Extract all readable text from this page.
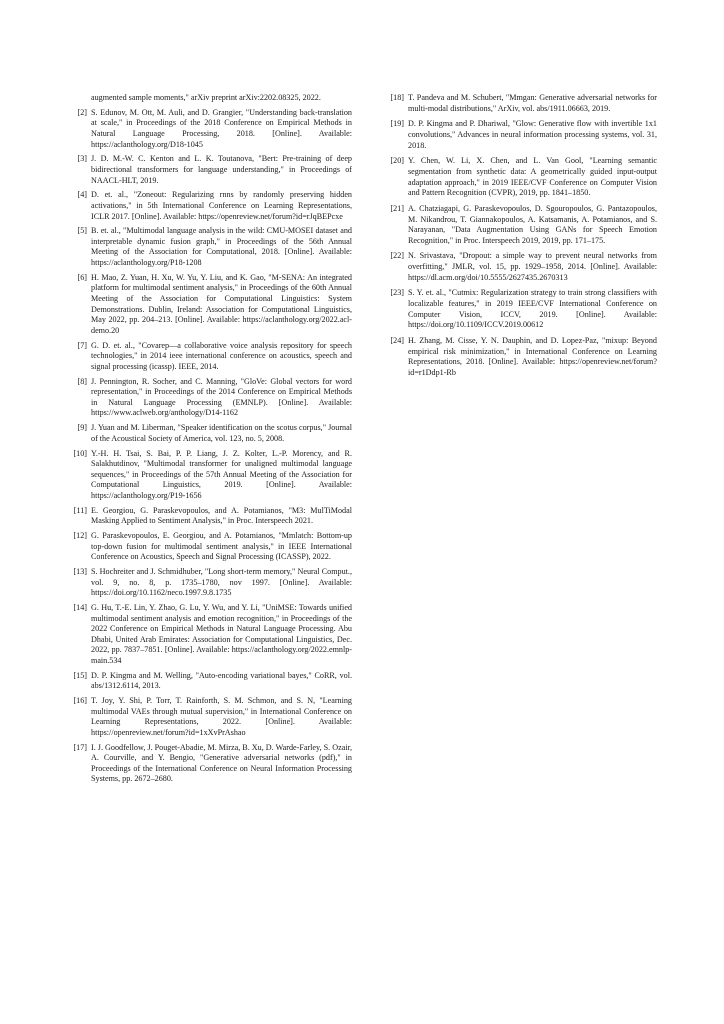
augmented sample moments," arXiv preprint arXiv:2202.08325, 2022.
[2] S. Edunov, M. Ott, M. Auli, and D. Grangier, "Understanding back-translation at scale," in Proceedings of the 2018 Conference on Empirical Methods in Natural Language Processing, 2018. [Online]. Available: https://aclanthology.org/D18-1045
[3] J. D. M.-W. C. Kenton and L. K. Toutanova, "Bert: Pre-training of deep bidirectional transformers for language understanding," in Proceedings of NAACL-HLT, 2019.
[4] D. et. al., "Zoneout: Regularizing rnns by randomly preserving hidden activations," in 5th International Conference on Learning Representations, ICLR 2017. [Online]. Available: https://openreview.net/forum?id=rJqBEPcxe
[5] B. et. al., "Multimodal language analysis in the wild: CMU-MOSEI dataset and interpretable dynamic fusion graph," in Proceedings of the 56th Annual Meeting of the Association for Computational, 2018. [Online]. Available: https://aclanthology.org/P18-1208
[6] H. Mao, Z. Yuan, H. Xu, W. Yu, Y. Liu, and K. Gao, "M-SENA: An integrated platform for multimodal sentiment analysis," in Proceedings of the 60th Annual Meeting of the Association for Computational Linguistics: System Demonstrations. Dublin, Ireland: Association for Computational Linguistics, May 2022, pp. 204–213. [Online]. Available: https://aclanthology.org/2022.acl-demo.20
[7] G. D. et. al., "Covarep—a collaborative voice analysis repository for speech technologies," in 2014 ieee international conference on acoustics, speech and signal processing (icassp). IEEE, 2014.
[8] J. Pennington, R. Socher, and C. Manning, "GloVe: Global vectors for word representation," in Proceedings of the 2014 Conference on Empirical Methods in Natural Language Processing (EMNLP). [Online]. Available: https://www.aclweb.org/anthology/D14-1162
[9] J. Yuan and M. Liberman, "Speaker identification on the scotus corpus," Journal of the Acoustical Society of America, vol. 123, no. 5, 2008.
[10] Y.-H. H. Tsai, S. Bai, P. P. Liang, J. Z. Kolter, L.-P. Morency, and R. Salakhutdinov, "Multimodal transformer for unaligned multimodal language sequences," in Proceedings of the 57th Annual Meeting of the Association for Computational Linguistics, 2019. [Online]. Available: https://aclanthology.org/P19-1656
[11] E. Georgiou, G. Paraskevopoulos, and A. Potamianos, "M3: MulTiModal Masking Applied to Sentiment Analysis," in Proc. Interspeech 2021.
[12] G. Paraskevopoulos, E. Georgiou, and A. Potamianos, "Mmlatch: Bottom-up top-down fusion for multimodal sentiment analysis," in IEEE International Conference on Acoustics, Speech and Signal Processing (ICASSP), 2022.
[13] S. Hochreiter and J. Schmidhuber, "Long short-term memory," Neural Comput., vol. 9, no. 8, p. 1735–1780, nov 1997. [Online]. Available: https://doi.org/10.1162/neco.1997.9.8.1735
[14] G. Hu, T.-E. Lin, Y. Zhao, G. Lu, Y. Wu, and Y. Li, "UniMSE: Towards unified multimodal sentiment analysis and emotion recognition," in Proceedings of the 2022 Conference on Empirical Methods in Natural Language Processing. Abu Dhabi, United Arab Emirates: Association for Computational Linguistics, Dec. 2022, pp. 7837–7851. [Online]. Available: https://aclanthology.org/2022.emnlp-main.534
[15] D. P. Kingma and M. Welling, "Auto-encoding variational bayes," CoRR, vol. abs/1312.6114, 2013.
[16] T. Joy, Y. Shi, P. Torr, T. Rainforth, S. M. Schmon, and S. N, "Learning multimodal VAEs through mutual supervision," in International Conference on Learning Representations, 2022. [Online]. Available: https://openreview.net/forum?id=1xXvPrAshao
[17] I. J. Goodfellow, J. Pouget-Abadie, M. Mirza, B. Xu, D. Warde-Farley, S. Ozair, A. Courville, and Y. Bengio, "Generative adversarial networks (pdf)," in Proceedings of the International Conference on Neural Information Processing Systems, pp. 2672–2680.
[18] T. Pandeva and M. Schubert, "Mmgan: Generative adversarial networks for multi-modal distributions," ArXiv, vol. abs/1911.06663, 2019.
[19] D. P. Kingma and P. Dhariwal, "Glow: Generative flow with invertible 1x1 convolutions," Advances in neural information processing systems, vol. 31, 2018.
[20] Y. Chen, W. Li, X. Chen, and L. Van Gool, "Learning semantic segmentation from synthetic data: A geometrically guided input-output adaptation approach," in 2019 IEEE/CVF Conference on Computer Vision and Pattern Recognition (CVPR), 2019, pp. 1841–1850.
[21] A. Chatziagapi, G. Paraskevopoulos, D. Sgouropoulos, G. Pantazopoulos, M. Nikandrou, T. Giannakopoulos, A. Katsamanis, A. Potamianos, and S. Narayanan, "Data Augmentation Using GANs for Speech Emotion Recognition," in Proc. Interspeech 2019, 2019, pp. 171–175.
[22] N. Srivastava, "Dropout: a simple way to prevent neural networks from overfitting," JMLR, vol. 15, pp. 1929–1958, 2014. [Online]. Available: https://dl.acm.org/doi/10.5555/2627435.2670313
[23] S. Y. et. al., "Cutmix: Regularization strategy to train strong classifiers with localizable features," in 2019 IEEE/CVF International Conference on Computer Vision, ICCV, 2019. [Online]. Available: https://doi.org/10.1109/ICCV.2019.00612
[24] H. Zhang, M. Cisse, Y. N. Dauphin, and D. Lopez-Paz, "mixup: Beyond empirical risk minimization," in International Conference on Learning Representations, 2018. [Online]. Available: https://openreview.net/forum?id=r1Ddp1-Rb
